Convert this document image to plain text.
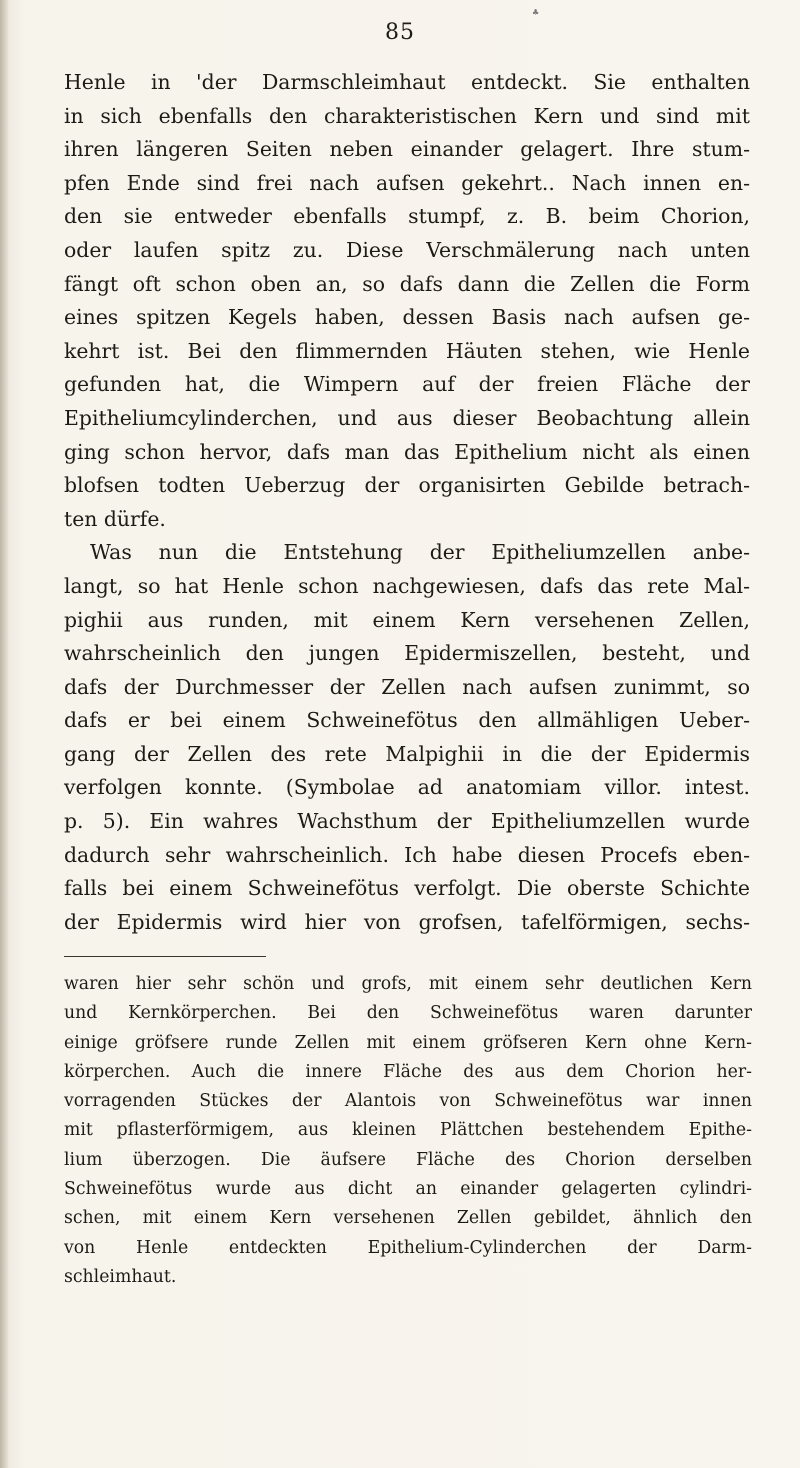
♣
85
Henle in 'der Darmschleimhaut entdeckt. Sie enthalten
in sich ebenfalls den charakteristischen Kern und sind mit
ihren längeren Seiten neben einander gelagert. Ihre stum-
pfen Ende sind frei nach aufsen gekehrt.. Nach innen en-
den sie entweder ebenfalls stumpf, z. B. beim Chorion,
oder laufen spitz zu. Diese Verschmälerung nach unten
fängt oft schon oben an, so dafs dann die Zellen die Form
eines spitzen Kegels haben, dessen Basis nach aufsen ge-
kehrt ist. Bei den flimmernden Häuten stehen, wie Henle
gefunden hat, die Wimpern auf der freien Fläche der
Epitheliumcylinderchen, und aus dieser Beobachtung allein
ging schon hervor, dafs man das Epithelium nicht als einen
blofsen todten Ueberzug der organisirten Gebilde betrach-
ten dürfe.
Was nun die Entstehung der Epitheliumzellen anbe-
langt, so hat Henle schon nachgewiesen, dafs das rete Mal-
pighii aus runden, mit einem Kern versehenen Zellen,
wahrscheinlich den jungen Epidermiszellen, besteht, und
dafs der Durchmesser der Zellen nach aufsen zunimmt, so
dafs er bei einem Schweinefötus den allmähligen Ueber-
gang der Zellen des rete Malpighii in die der Epidermis
verfolgen konnte. (Symbolae ad anatomiam villor. intest.
p. 5). Ein wahres Wachsthum der Epitheliumzellen wurde
dadurch sehr wahrscheinlich. Ich habe diesen Procefs eben-
falls bei einem Schweinefötus verfolgt. Die oberste Schichte
der Epidermis wird hier von grofsen, tafelförmigen, sechs-
waren hier sehr schön und grofs, mit einem sehr deutlichen Kern
und Kernkörperchen. Bei den Schweinefötus waren darunter
einige gröfsere runde Zellen mit einem gröfseren Kern ohne Kern-
körperchen. Auch die innere Fläche des aus dem Chorion her-
vorragenden Stückes der Alantois von Schweinefötus war innen
mit pflasterförmigem, aus kleinen Plättchen bestehendem Epithe-
lium überzogen. Die äufsere Fläche des Chorion derselben
Schweinefötus wurde aus dicht an einander gelagerten cylindri-
schen, mit einem Kern versehenen Zellen gebildet, ähnlich den
von Henle entdeckten Epithelium-Cylinderchen der Darm-
schleimhaut.
